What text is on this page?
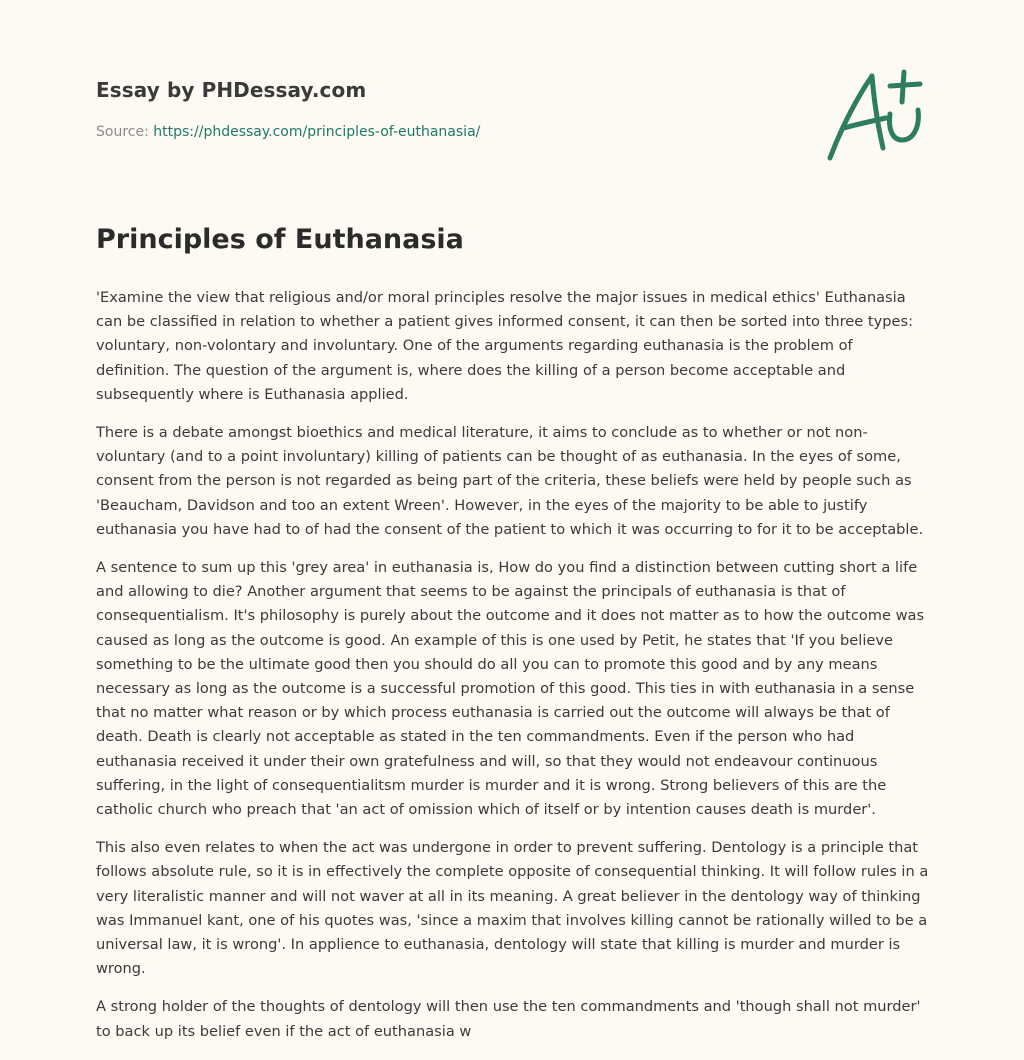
Essay by PHDessay.com

Source: https://phdessay.com/principles-of-euthanasia/

Principles of Euthanasia

'Examine the view that religious and/or moral principles resolve the major issues in medical ethics' Euthanasia can be classified in relation to whether a patient gives informed consent, it can then be sorted into three types: voluntary, non-volontary and involuntary. One of the arguments regarding euthanasia is the problem of definition. The question of the argument is, where does the killing of a person become acceptable and subsequently where is Euthanasia applied.

There is a debate amongst bioethics and medical literature, it aims to conclude as to whether or not non-voluntary (and to a point involuntary) killing of patients can be thought of as euthanasia. In the eyes of some, consent from the person is not regarded as being part of the criteria, these beliefs were held by people such as 'Beaucham, Davidson and too an extent Wreen'. However, in the eyes of the majority to be able to justify euthanasia you have had to of had the consent of the patient to which it was occurring to for it to be acceptable.

A sentence to sum up this 'grey area' in euthanasia is, How do you find a distinction between cutting short a life and allowing to die? Another argument that seems to be against the principals of euthanasia is that of consequentialism. It's philosophy is purely about the outcome and it does not matter as to how the outcome was caused as long as the outcome is good. An example of this is one used by Petit, he states that 'If you believe something to be the ultimate good then you should do all you can to promote this good and by any means necessary as long as the outcome is a successful promotion of this good. This ties in with euthanasia in a sense that no matter what reason or by which process euthanasia is carried out the outcome will always be that of death. Death is clearly not acceptable as stated in the ten commandments. Even if the person who had euthanasia received it under their own gratefulness and will, so that they would not endeavour continuous suffering, in the light of consequentialitsm murder is murder and it is wrong. Strong believers of this are the catholic church who preach that 'an act of omission which of itself or by intention causes death is murder'.

This also even relates to when the act was undergone in order to prevent suffering. Dentology is a principle that follows absolute rule, so it is in effectively the complete opposite of consequential thinking. It will follow rules in a very literalistic manner and will not waver at all in its meaning. A great believer in the dentology way of thinking was Immanuel kant, one of his quotes was, 'since a maxim that involves killing cannot be rationally willed to be a universal law, it is wrong'. In applience to euthanasia, dentology will state that killing is murder and murder is wrong.

A strong holder of the thoughts of dentology will then use the ten commandments and 'though shall not murder' to back up its belief even if the act of euthanasia w
